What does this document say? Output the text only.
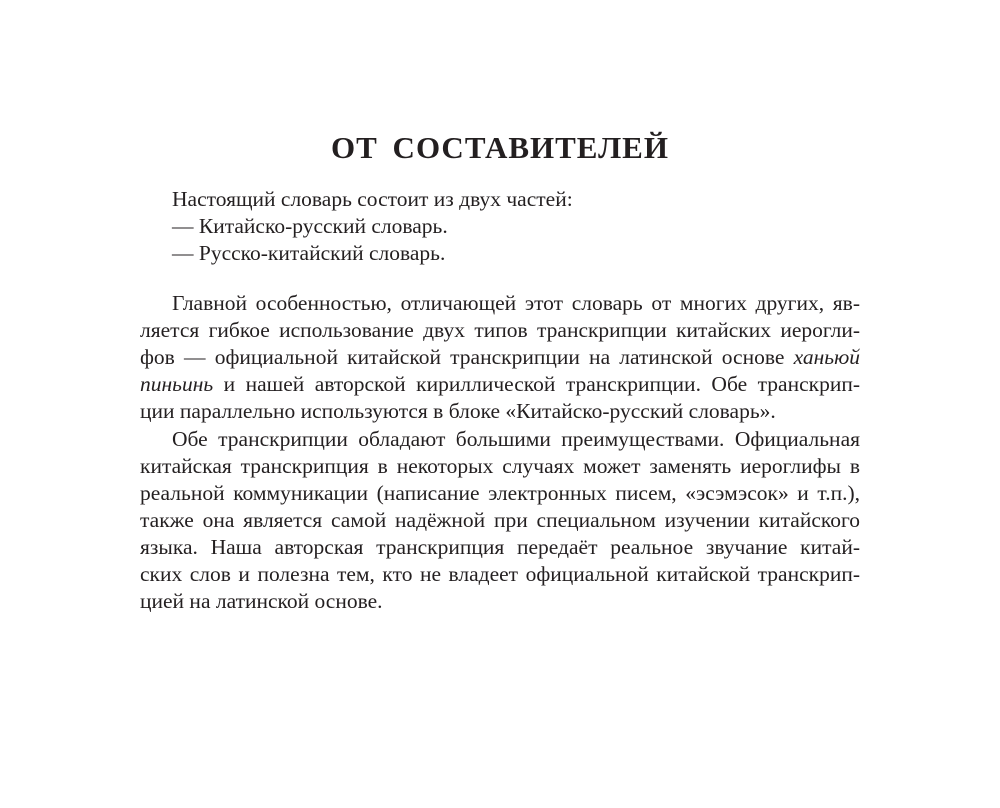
ОТ СОСТАВИТЕЛЕЙ
Настоящий словарь состоит из двух частей:
— Китайско-русский словарь.
— Русско-китайский словарь.
Главной особенностью, отличающей этот словарь от многих других, яв-
ляется гибкое использование двух типов транскрипции китайских иерогли-
фов — официальной китайской транскрипции на латинской основе ханьюй
пиньинь и нашей авторской кириллической транскрипции. Обе транскрип-
ции параллельно используются в блоке «Китайско-русский словарь».
Обе транскрипции обладают большими преимуществами. Официальная
китайская транскрипция в некоторых случаях может заменять иероглифы в
реальной коммуникации (написание электронных писем, «эсэмэсок» и т.п.),
также она является самой надёжной при специальном изучении китайского
языка. Наша авторская транскрипция передаёт реальное звучание китай-
ских слов и полезна тем, кто не владеет официальной китайской транскрип-
цией на латинской основе.
